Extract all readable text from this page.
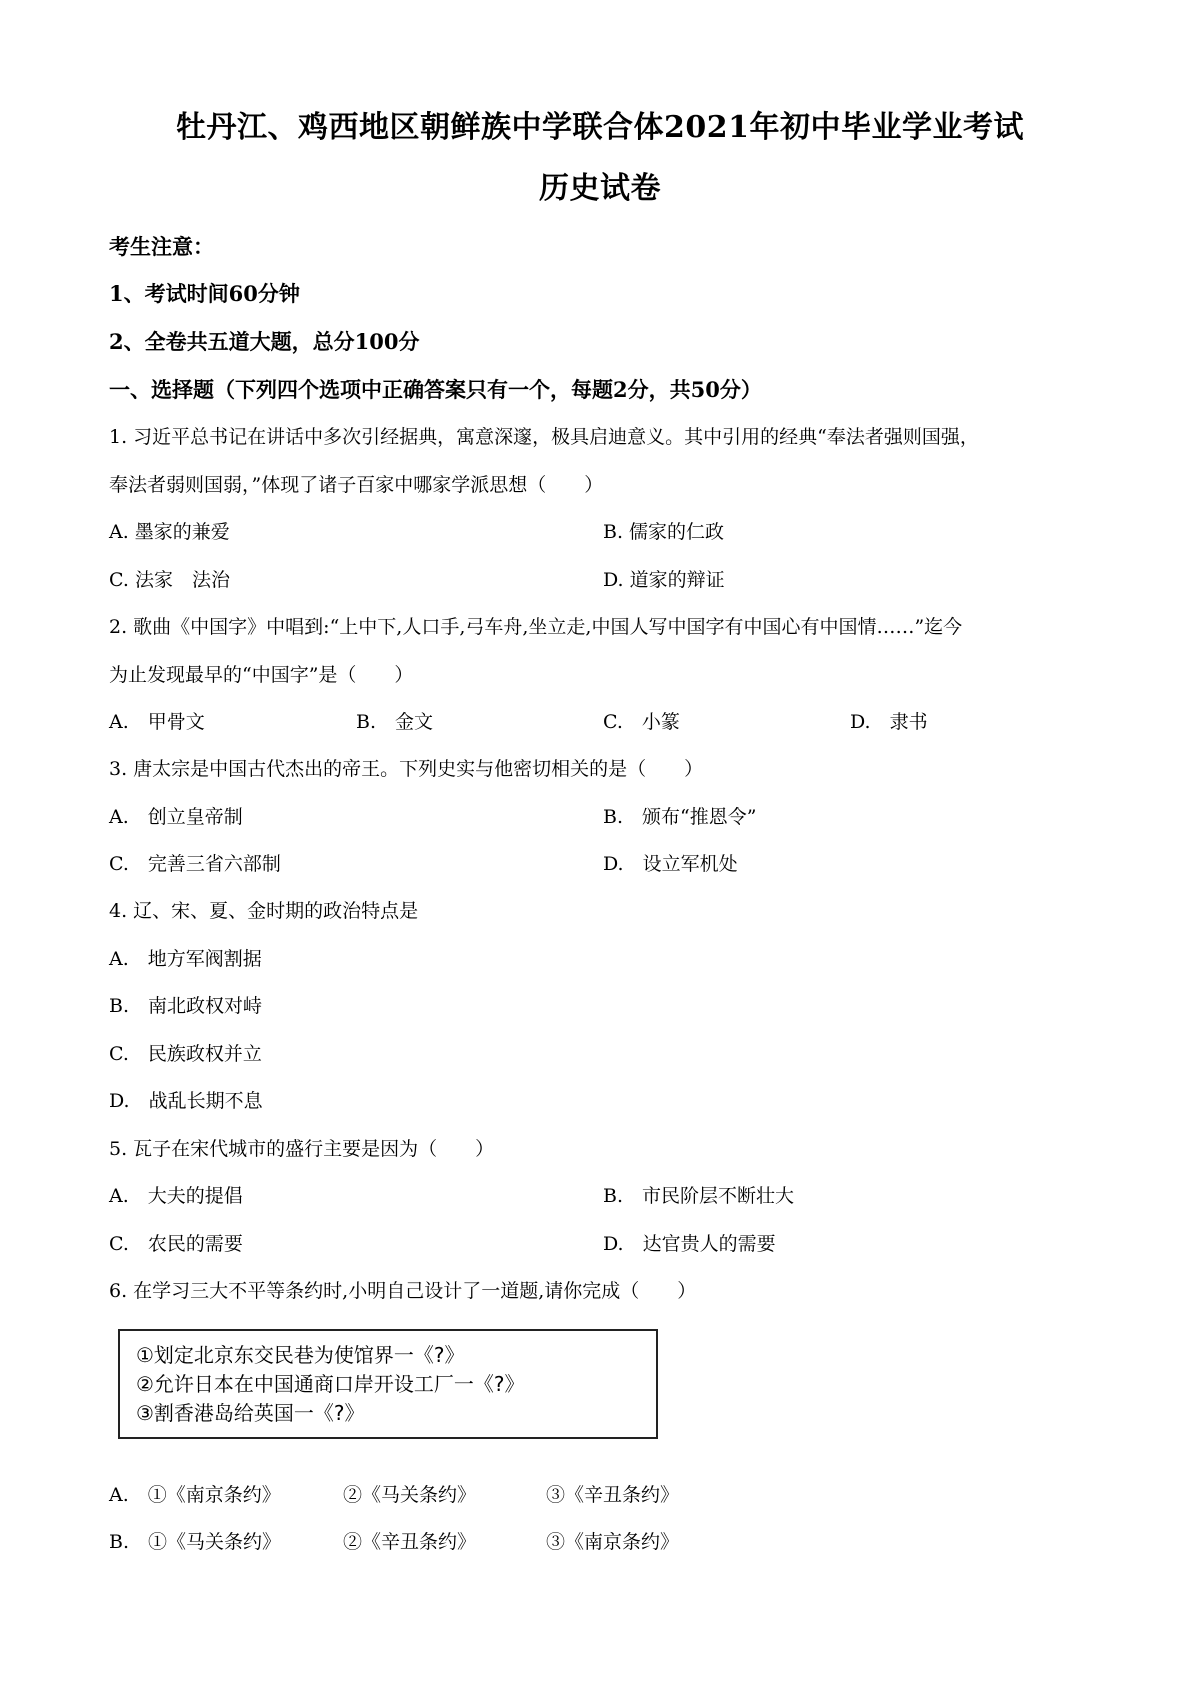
牡丹江、鸡西地区朝鲜族中学联合体2021年初中毕业学业考试
历史试卷
考生注意：
1、考试时间60分钟
2、全卷共五道大题，总分100分
一、选择题（下列四个选项中正确答案只有一个，每题2分，共50分）
1. 习近平总书记在讲话中多次引经据典，寓意深邃，极具启迪意义。其中引用的经典“奉法者强则国强，
奉法者弱则国弱，”体现了诸子百家中哪家学派思想（　　）
A. 墨家的兼爱	B. 儒家的仁政
C. 法家　法治	D. 道家的辩证
2. 歌曲《中国字》中唱到:“上中下,人口手,弓车舟,坐立走,中国人写中国字有中国心有中国情……”迄今
为止发现最早的“中国字”是（　　）
A.　甲骨文	B.　金文	C.　小篆	D.　隶书
3. 唐太宗是中国古代杰出的帝王。下列史实与他密切相关的是（　　）
A.　创立皇帝制	B.　颁布“推恩令”
C.　完善三省六部制	D.　设立军机处
4. 辽、宋、夏、金时期的政治特点是
A.　地方军阀割据
B.　南北政权对峙
C.　民族政权并立
D.　战乱长期不息
5. 瓦子在宋代城市的盛行主要是因为（　　）
A.　大夫的提倡	B.　市民阶层不断壮大
C.　农民的需要	D.　达官贵人的需要
6. 在学习三大不平等条约时,小明自己设计了一道题,请你完成（　　）
①划定北京东交民巷为使馆界一《?》
②允许日本在中国通商口岸开设工厂一《?》
③割香港岛给英国一《?》
A.　①《南京条约》	②《马关条约》	③《辛丑条约》
B.　①《马关条约》	②《辛丑条约》	③《南京条约》
